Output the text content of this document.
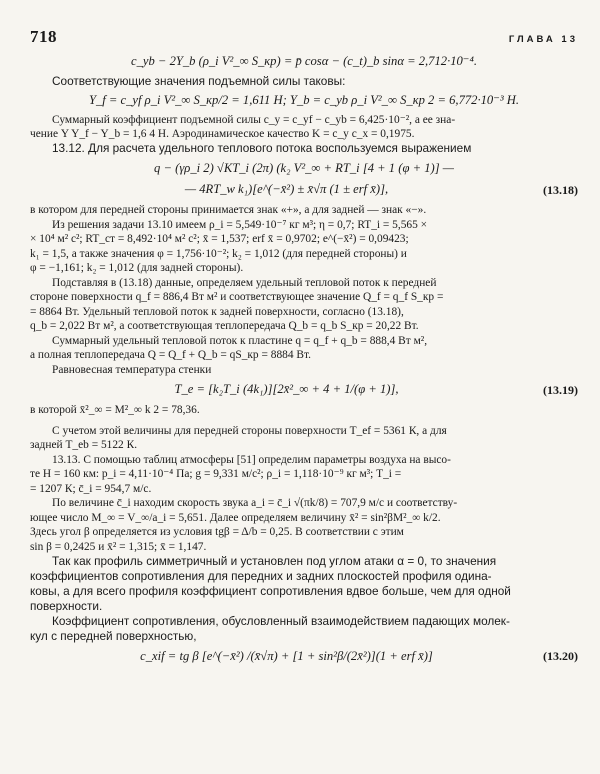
718	ГЛАВА 13
c_yb − 2Y_b (ρ_i V²_∞ S_кр) = p̄ cosα − (c_t)_b sinα = 2,712·10⁻⁴.

Соответствующие значения подъемной силы таковы:

Y_f = c_yf ρ_i V²_∞ S_кр/2 = 1,611 Н; Y_b = c_yb ρ_i V²_∞ S_кр 2 = 6,772·10⁻³ Н.

Суммарный коэффициент подъемной силы c_y = c_yf − c_yb = 6,425·10⁻², а ее зна-

чение Y Y_f − Y_b = 1,6 4 Н. Аэродинамическое качество K = c_y c_x = 0,1975.

13.12. Для расчета удельного теплового потока воспользуемся выражением

q − (γρ_i 2) √KT_i (2π) (k₂ V²_∞ + RT_i [4 + 1 (φ + 1)] —
— 4RT_w k₁)[e^(−x̄²) ± x̄√π (1 ± erf x̄)],	(13.18)

в котором для передней стороны принимается знак «+», а для задней — знак «−».

Из решения задачи 13.10 имеем ρ_i = 5,549·10⁻⁷ кг м³; η = 0,7; RT_i = 5,565 ×

× 10⁴ м² с²; RT_ст = 8,492·10⁴ м² с²; x̄ = 1,537; erf x̄ = 0,9702; e^(−x̄²) = 0,09423;

k₁ = 1,5, а также значения φ = 1,756·10⁻²; k₂ = 1,012 (для передней стороны) и

φ = −1,161; k₂ = 1,012 (для задней стороны).

Подставляя в (13.18) данные, определяем удельный тепловой поток к передней

стороне поверхности q_f = 886,4 Вт м² и соответствующее значение Q_f = q_f S_кр =

= 8864 Вт. Удельный тепловой поток к задней поверхности, согласно (13.18),

q_b = 2,022 Вт м², а соответствующая теплопередача Q_b = q_b S_кр = 20,22 Вт.

Суммарный удельный тепловой поток к пластине q = q_f + q_b = 888,4 Вт м²,

а полная теплопередача Q = Q_f + Q_b = qS_кр = 8884 Вт.

Равновесная температура стенки

T_e = [k₂T_i (4k₁)][2x̄²_∞ + 4 + 1/(φ + 1)],	(13.19)

в которой x̄²_∞ = M²_∞ k 2 = 78,36.

С учетом этой величины для передней стороны поверхности T_ef = 5361 К, а для

задней T_eb = 5122 К.

13.13. С помощью таблиц атмосферы [51] определим параметры воздуха на высо-

те H = 160 км: p_i = 4,11·10⁻⁴ Па; g = 9,331 м/с²; ρ_i = 1,118·10⁻⁹ кг м³; T_i =

= 1207 К; c̄_i = 954,7 м/с.

По величине c̄_i находим скорость звука a_i = c̄_i √(πk/8) = 707,9 м/с и соответству-

ющее число M_∞ = V_∞/a_i = 5,651. Далее определяем величину x̄² = sin²βM²_∞ k/2.

Здесь угол β определяется из условия tgβ = Δ/b = 0,25. В соответствии с этим

sin β = 0,2425 и x̄² = 1,315; x̄ = 1,147.

Так как профиль симметричный и установлен под углом атаки α = 0, то значения

коэффициентов сопротивления для передних и задних плоскостей профиля одина-

ковы, а для всего профиля коэффициент сопротивления вдвое больше, чем для одной

поверхности.

Коэффициент сопротивления, обусловленный взаимодействием падающих молек-

кул с передней поверхностью,

c_xif = tg β [e^(−x̄²) /(x̄√π) + [1 + sin²β/(2x̄²)](1 + erf x̄)]	(13.20)
